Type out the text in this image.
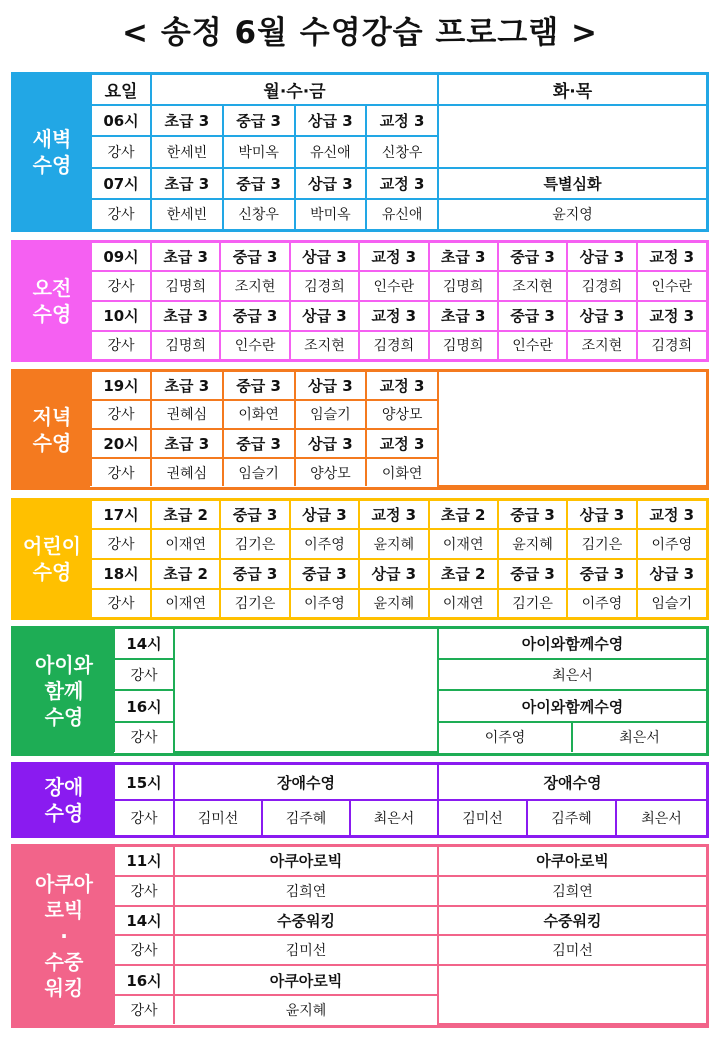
< 송정 6월 수영강습 프로그램 >
새벽
수영
요일	월·수·금				화·목
06시	초급 3	중급 3	상급 3	교정 3	
강사	한세빈	박미옥	유신애	신창우	
07시	초급 3	중급 3	상급 3	교정 3	특별심화
강사	한세빈	신창우	박미옥	유신애	윤지영
오전
수영
09시	초급 3	중급 3	상급 3	교정 3	초급 3	중급 3	상급 3	교정 3
강사	김명희	조지현	김경희	인수란	김명희	조지현	김경희	인수란
10시	초급 3	중급 3	상급 3	교정 3	초급 3	중급 3	상급 3	교정 3
강사	김명희	인수란	조지현	김경희	김명희	인수란	조지현	김경희
저녁
수영
19시	초급 3	중급 3	상급 3	교정 3	
강사	권혜심	이화연	임슬기	양상모	
20시	초급 3	중급 3	상급 3	교정 3	
강사	권혜심	임슬기	양상모	이화연	
어린이
수영
17시	초급 2	중급 3	상급 3	교정 3	초급 2	중급 3	상급 3	교정 3
강사	이재연	김기은	이주영	윤지혜	이재연	윤지혜	김기은	이주영
18시	초급 2	중급 3	중급 3	상급 3	초급 2	중급 3	중급 3	상급 3
강사	이재연	김기은	이주영	윤지혜	이재연	김기은	이주영	임슬기
아이와
함께
수영
14시		아이와함께수영	
강사		최은서	
16시		아이와함께수영	
강사		이주영	최은서
장애
수영
15시	장애수영			장애수영		
강사	김미선	김주혜	최은서	김미선	김주혜	최은서
아쿠아
로빅
·
수중
워킹
11시	아쿠아로빅	아쿠아로빅
강사	김희연	김희연
14시	수중워킹	수중워킹
강사	김미선	김미선
16시	아쿠아로빅	
강사	윤지혜	
